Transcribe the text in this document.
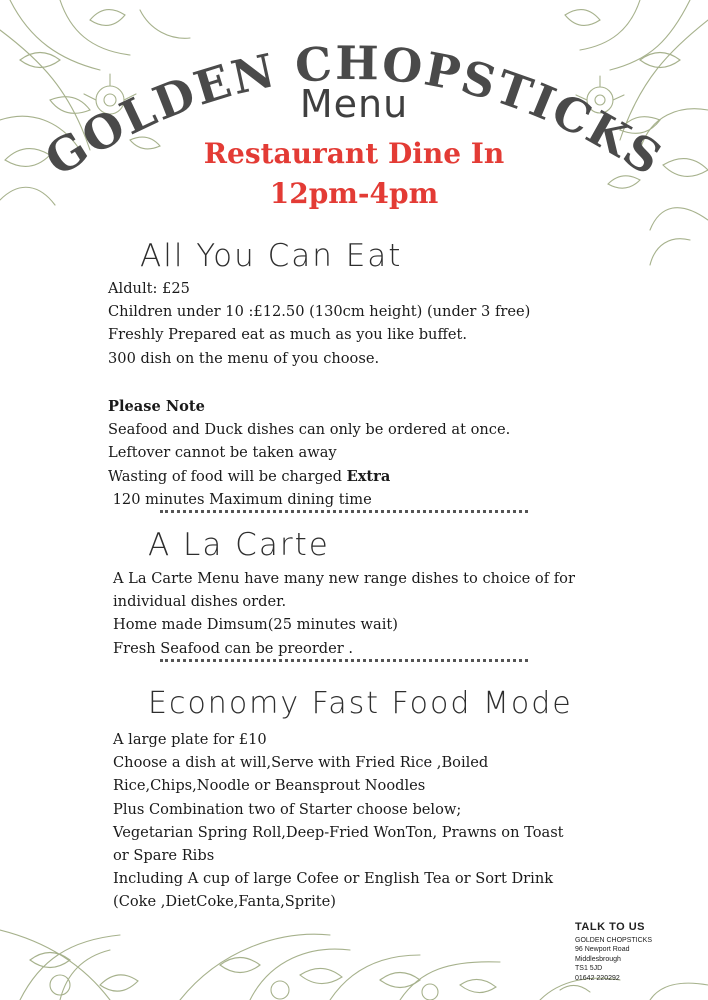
GOLDEN CHOPSTICKS
Menu
Restaurant Dine In
12pm-4pm
All You Can Eat
Aldult: £25
Children under 10 :£12.50 (130cm height) (under 3 free)
Freshly Prepared eat as much as you like buffet.
300 dish on the menu of you choose.
Please Note
Seafood and Duck dishes can only be ordered at once.
Leftover cannot be taken away
Wasting of food will be charged Extra
120 minutes Maximum dining time
A La Carte
A La Carte Menu have many new range dishes to choice of for
individual dishes order.
Home made Dimsum(25 minutes wait)
Fresh Seafood can be preorder .
Economy Fast Food Mode
A large plate for £10
Choose a dish at will,Serve with Fried Rice ,Boiled
Rice,Chips,Noodle or Beansprout Noodles
Plus Combination two of Starter choose below;
Vegetarian Spring Roll,Deep-Fried WonTon, Prawns on Toast
or Spare Ribs
Including A cup of large Cofee or English Tea or Sort Drink
(Coke ,DietCoke,Fanta,Sprite)
TALK TO US
GOLDEN CHOPSTICKS
96 Newport Road
Middlesbrough
TS1 5JD
01642 220292
